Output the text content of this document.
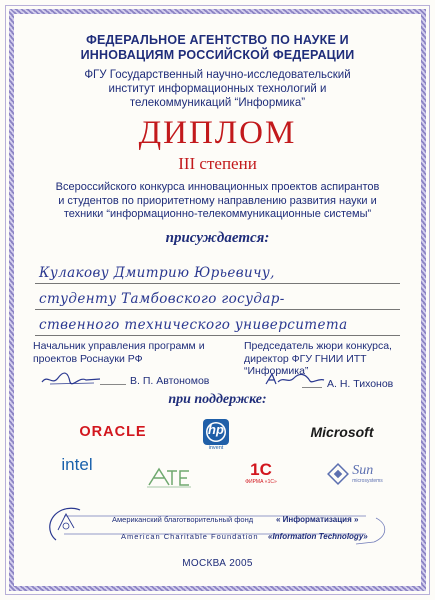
ФЕДЕРАЛЬНОЕ АГЕНТСТВО ПО НАУКЕ И
ИННОВАЦИЯМ РОССИЙСКОЙ ФЕДЕРАЦИИ
ФГУ Государственный научно-исследовательский
институт информационных технологий и
телекоммуникаций “Информика”
ДИПЛОМ
III степени
Всероссийского конкурса инновационных проектов аспирантов
и студентов по приоритетному направлению развития науки и
техники “информационно-телекоммуникационные системы”
присуждается:
Кулакову Дмитрию Юрьевичу,
студенту Тамбовского государ-
ственного технического университета
Начальник управления программ и
проектов Роснауки РФ
В. П. Автономов
Председатель жюри конкурса,
директор ФГУ ГНИИ ИТТ
“Информика”
А. Н. Тихонов
при поддержке:
ORACLE	hp
invent
Microsoft
intel	1С
ФИРМА «1С»
Sun
microsystems
Американский благотворительный фонд	« Информатизация »
American Charitable Foundation «Information Technology»
МОСКВА 2005
